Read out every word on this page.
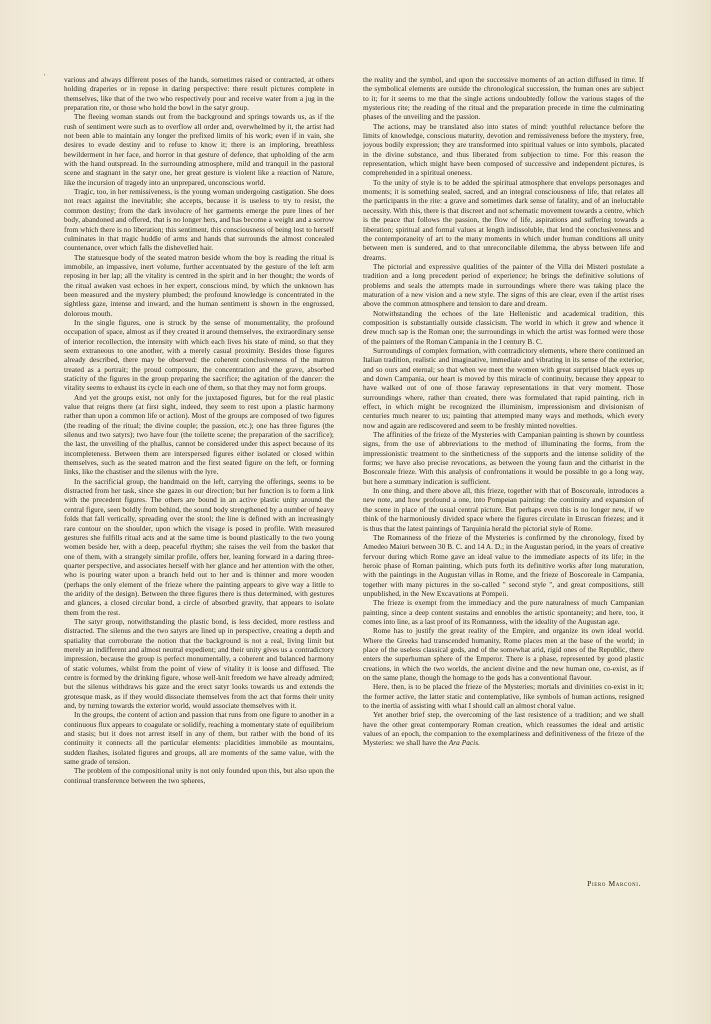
'	various and always different poses of the hands, sometimes raised or contracted, at others holding draperies or in repose in daring perspective: there result pictures complete in themselves, like that of the two who respectively pour and receive water from a jug in the preparation rite, or those who hold the bowl in the satyr group.

The fleeing woman stands out from the background and springs towards us, as if the rush of sentiment were such as to overflow all order and, overwhelmed by it, the artist had not been able to maintain any longer the prefixed limits of his work; even if in vain, she desires to evade destiny and to refuse to know it; there is an imploring, breathless bewilderment in her face, and horror in that gesture of defence, that upholding of the arm with the hand outspread. In the surrounding atmosphere, mild and tranquil in the pastoral scene and stagnant in the satyr one, her great gesture is violent like a reaction of Nature, like the incursion of tragedy into an unprepared, unconscious world.

Tragic, too, in her remissiveness, is the young woman undergoing castigation. She does not react against the inevitable; she accepts, because it is useless to try to resist, the common destiny; from the dark involucre of her garments emerge the pure lines of her body, abandoned and offered, that is no longer hers, and has become a weight and a sorrow from which there is no liberation; this sentiment, this consciousness of being lost to herself culminates in that tragic huddle of arms and hands that surrounds the almost concealed countenance, over which falls the dishevelled hair.

The statuesque body of the seated matron beside whom the boy is reading the ritual is immobile, an impassive, inert volume, further accentuated by the gesture of the left arm reposing in her lap; all the vitality is centred in the spirit and in her thought; the words of the ritual awaken vast echoes in her expert, conscious mind, by which the unknown has been measured and the mystery plumbed; the profound knowledge is concentrated in the sightless gaze, intense and inward, and the human sentiment is shown in the engrossed, dolorous mouth.

In the single figures, one is struck by the sense of monumentality, the profound occupation of space, almost as if they created it around themselves, the extraordinary sense of interior recollection, the intensity with which each lives his state of mind, so that they seem extraneous to one another, with a merely casual proximity. Besides those figures already described, there may be observed: the coherent conclusiveness of the matron treated as a portrait; the proud composure, the concentration and the grave, absorbed staticity of the figures in the group preparing the sacrifice; the agitation of the dancer: the vitality seems to exhaust its cycle in each one of them, so that they may not form groups.

And yet the groups exist, not only for the juxtaposed figures, but for the real plastic value that reigns there (at first sight, indeed, they seem to rest upon a plastic harmony rather than upon a common life or action). Most of the groups are composed of two figures (the reading of the ritual; the divine couple; the passion, etc.); one has three figures (the silenus and two satyrs); two have four (the toilette scene; the preparation of the sacrifice); the last, the unveiling of the phallus, cannot be considered under this aspect because of its incompleteness. Between them are interspersed figures either isolated or closed within themselves, such as the seated matron and the first seated figure on the left, or forming links, like the chastiser and the silenus with the lyre.

In the sacrificial group, the handmaid on the left, carrying the offerings, seems to be distracted from her task, since she gazes in our direction; but her function is to form a link with the precedent figures. The others are bound in an active plastic unity around the central figure, seen boldly from behind, the sound body strengthened by a number of heavy folds that fall vertically, spreading over the stool; the line is defined with an increasingly rare contour on the shoulder, upon which the visage is posed in profile. With measured gestures she fulfills ritual acts and at the same time is bound plastically to the two young women beside her, with a deep, peaceful rhythm; she raises the veil from the basket that one of them, with a strangely similar profile, offers her, leaning forward in a daring three-quarter perspective, and associates herself with her glance and her attention with the other, who is pouring water upon a branch held out to her and is thinner and more wooden (perhaps the only element of the frieze where the painting appears to give way a little to the aridity of the design). Between the three figures there is thus determined, with gestures and glances, a closed circular bond, a circle of absorbed gravity, that appears to isolate them from the rest.

The satyr group, notwithstanding the plastic bond, is less decided, more restless and distracted. The silenus and the two satyrs are lined up in perspective, creating a depth and spatiality that corroborate the notion that the background is not a real, living limit but merely an indifferent and almost neutral expedient; and their unity gives us a contradictory impression, because the group is perfect monumentally, a coherent and balanced harmony of static volumes, whilst from the point of view of vitality it is loose and diffused. The centre is formed by the drinking figure, whose well-knit freedom we have already admired; but the silenus withdraws his gaze and the erect satyr looks towards us and extends the grotesque mask, as if they would dissociate themselves from the act that forms their unity and, by turning towards the exterior world, would associate themselves with it.

In the groups, the content of action and passion that runs from one figure to another in a continuous flux appears to coagulate or solidify, reaching a momentary state of equilibrium and stasis; but it does not arrest itself in any of them, but rather with the bond of its continuity it connects all the particular elements: placidities immobile as mountains, sudden flashes, isolated figures and groups, all are moments of the same value, with the same grade of tension.

The problem of the compositional unity is not only founded upon this, but also upon the continual transference between the two spheres,

the reality and the symbol, and upon the successive moments of an action diffused in time. If the symbolical elements are outside the chronological succession, the human ones are subject to it; for it seems to me that the single actions undoubtedly follow the various stages of the mysterious rite; the reading of the ritual and the preparation precede in time the culminating phases of the unveiling and the passion.

The actions, may be translated also into states of mind: youthful reluctance before the limits of knowledge, conscious maturity, devotion and remissiveness before the mystery, free, joyous bodily expression; they are transformed into spiritual values or into symbols, placated in the divine substance, and thus liberated from subjection to time. For this reason the representation, which might have been composed of successive and independent pictures, is comprehended in a spiritual oneness.

To the unity of style is to be added the spiritual atmosphere that envelops personages and moments; it is something sealed, sacred, and an integral consciousness of life, that relates all the participants in the rite: a grave and sometimes dark sense of fatality, and of an ineluctable necessity. With this, there is that discreet and not schematic movement towards a centre, which is the peace that follows the passion, the flow of life, aspirations and suffering towards a liberation; spiritual and formal values at length indissoluble, that lend the conclusiveness and the contemporaneity of art to the many moments in which under human conditions all unity between men is sundered, and to that unreconcilable dilemma, the abyss between life and dreams.

The pictorial and expressive qualities of the painter of the Villa dei Misteri postulate a tradition and a long precedent period of experience; he brings the definitive solutions of problems and seals the attempts made in surroundings where there was taking place the maturation of a new vision and a new style. The signs of this are clear, even if the artist rises above the common atmosphere and tension to dare and dream.

Notwithstanding the echoes of the late Hellenistic and academical tradition, this composition is substantially outside classicism. The world in which it grew and whence it drew much sap is the Roman one; the surroundings in which the artist was formed were those of the painters of the Roman Campania in the I century B. C.

Surroundings of complex formation, with contradictory elements, where there continued an Italian tradition, realistic and imaginative, immediate and vibrating in its sense of the exterior, and so ours and eternal; so that when we meet the women with great surprised black eyes up and down Campania, our heart is moved by this miracle of continuity, because they appear to have walked out of one of those faraway representations in that very moment. Those surroundings where, rather than created, there was formulated that rapid painting, rich in effect, in which might be recognized the illuminism, impressionism and divisionism of centuries much nearer to us; painting that attempted many ways and methods, which every now and again are rediscovered and seem to be freshly minted novelties.

The affinities of the frieze of the Mysteries with Campanian painting is shown by countless signs, from the use of abbreviations to the method of illuminating the forms, from the impressionistic treatment to the sinthetiсness of the supports and the intense solidity of the forms; we have also precise revocations, as between the young faun and the citharist in the Boscoreale frieze. With this analysis of confrontations it would be possible to go a long way, but here a summary indication is sufficient.

In one thing, and there above all, this frieze, together with that of Boscoreale, introduces a new note, and how profound a one, into Pompeian painting: the continuity and expansion of the scene in place of the usual central picture. But perhaps even this is no longer new, if we think of the harmoniously divided space where the figures circulate in Etruscan friezes; and it is thus that the latest paintings of Tarquinia herald the pictorial style of Rome.

The Romanness of the frieze of the Mysteries is confirmed by the chronology, fixed by Amedeo Maiuri between 30 B. C. and 14 A. D.; in the Augustan period, in the years of creative fervour during which Rome gave an ideal value to the immediate aspects of its life; in the heroic phase of Roman painting, which puts forth its definitive works after long maturation, with the paintings in the Augustan villas in Rome, and the frieze of Boscoreale in Campania, together with many pictures in the so-called " second style ", and great compositions, still unpublished, in the New Excavations at Pompeii.

The frieze is exempt from the immediacy and the pure naturalness of much Campanian painting, since a deep content sustains and ennobles the artistic spontaneity; and here, too, it comes into line, as a last proof of its Romanness, with the ideality of the Augustan age.

Rome has to justify the great reality of the Empire, and organize its own ideal world. Where the Greeks had transcended humanity, Rome places men at the base of the world; in place of the useless classical gods, and of the somewhat arid, rigid ones of the Republic, there enters the superhuman sphere of the Emperor. There is a phase, represented by good plastic creations, in which the two worlds, the ancient divine and the new human one, co-exist, as if on the same plane, though the homage to the gods has a conventional flavour.

Here, then, is to be placed the frieze of the Mysteries; mortals and divinities co-exist in it; the former active, the latter static and contemplative, like symbols of human actions, resigned to the inertia of assisting with what I should call an almost choral value.

Yet another brief step, the overcoming of the last resistence of a tradition; and we shall have the other great contemporary Roman creation, which reassumes the ideal and artistic values of an epoch, the companion to the exemplariness and definitiveness of the frieze of the Mysteries: we shall have the Ara Pacis.

Piero Marconi.
